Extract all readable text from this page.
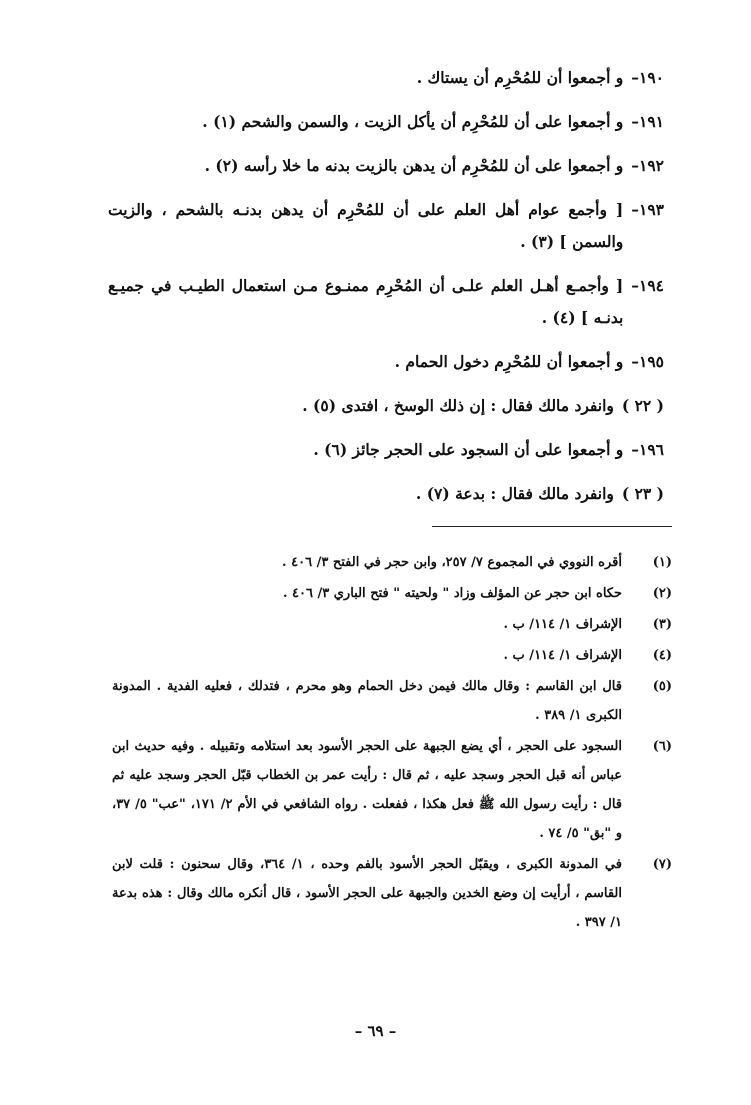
١٩٠–
و أجمعوا أن للمُحْرِم أن يستاك .
١٩١–
و أجمعوا على أن للمُحْرِم أن يأكل الزيت ، والسمن والشحم (١) .
١٩٢–
و أجمعوا على أن للمُحْرِم أن يدهن بالزيت بدنه ما خلا رأسه (٢) .
١٩٣–
[ وأجمع عوام أهل العلم على أن للمُحْرِم أن يدهن بدنـه بالشحم ، والزيت والسمن ] (٣) .
١٩٤–
[ وأجمـع أهـل العلم علـى أن المُحْرِم ممنـوع مـن استعمال الطيـب في جميـع بدنـه ] (٤) .
١٩٥–
و أجمعوا أن للمُحْرِم دخول الحمام .
( ٢٢ )
وانفرد مالك فقال : إن ذلك الوسخ ، افتدى (٥) .
١٩٦–
و أجمعوا على أن السجود على الحجر جائز (٦) .
( ٢٣ )
وانفرد مالك فقال : بدعة (٧) .
(١)
أقره النووي في المجموع ٧/ ٢٥٧، وابن حجر في الفتح ٣/ ٤٠٦ .
(٢)
حكاه ابن حجر عن المؤلف وزاد " ولحيته " فتح الباري ٣/ ٤٠٦ .
(٣)
الإشراف ١/ ١١٤/ ب .
(٤)
الإشراف ١/ ١١٤/ ب .
(٥)
قال ابن القاسم : وقال مالك فيمن دخل الحمام وهو محرم ، فتدلك ، فعليه الفدية . المدونة الكبرى ١/ ٣٨٩ .
(٦)
السجود على الحجر ، أي يضع الجبهة على الحجر الأسود بعد استلامه وتقبيله . وفيه حديث ابن عباس أنه قبل الحجر وسجد عليه ، ثم قال : رأيت عمر بن الخطاب قبّل الحجر وسجد عليه ثم قال : رأيت رسول الله ﷺ فعل هكذا ، ففعلت . رواه الشافعي في الأم ٢/ ١٧١، "عب" ٥/ ٣٧، و "بق" ٥/ ٧٤ .
(٧)
في المدونة الكبرى ، ويقبّل الحجر الأسود بالفم وحده ، ١/ ٣٦٤، وقال سحنون : قلت لابن القاسم ، أرأيت إن وضع الخدين والجبهة على الحجر الأسود ، قال أنكره مالك وقال : هذه بدعة ١/ ٣٩٧ .
– ٦٩ –
